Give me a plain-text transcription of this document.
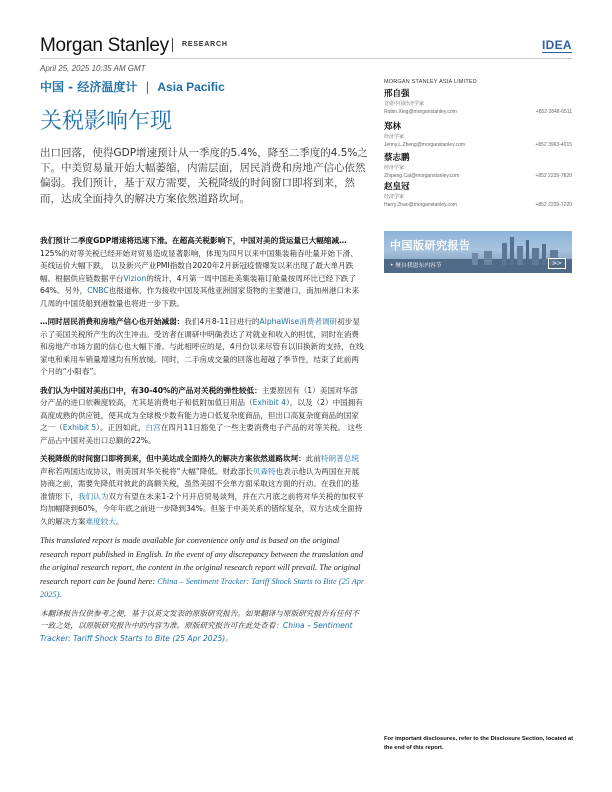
Morgan Stanley RESEARCH	IDEA
April 25, 2025 10:35 AM GMT
中国 - 经济温度计 | Asia Pacific
关税影响乍现
出口回落，使得GDP增速预计从一季度的5.4%，降至二季度的4.5%之下。中美贸易量开始大幅萎缩，内需层面，居民消费和房地产信心依然偏弱。我们预计，基于双方需要，关税降级的时间窗口即将到来，然而，达成全面持久的解决方案依然道路坎坷。

我们预计二季度GDP增速将迅速下滑。在超高关税影响下，中国对美的货运量已大幅缩减…125%的对等关税已经开始对贸易造成显著影响，体现为四月以来中国集装箱吞吐量开始下滑、美线运价大幅下跌， 以及新兴产业PMI指数自2020年2月新冠疫情爆发以来出现了最大单月跌幅。根据供应链数据平台Vizion的统计，4月第一周中国赴美集装箱订舱量按周环比已经下跌了64%。另外，CNBC也报道称，作为接收中国及其他亚洲国家货物的主要港口，南加州港口未来几周的中国货船到港数量也将进一步下跌。

…同时居民消费和房地产信心也开始减弱：我们4月8-11日进行的AlphaWise消费者调研初步显示了美国关税所产生的次生冲击。受访者在调研中明确表达了对就业和收入的担忧，同时在消费和房地产市场方面的信心也大幅下滑。与此相呼应的是，4月份以来尽管有以旧换新的支持，在线家电和乘用车销量增速均有所放缓。同时，二手房成交量的回落也超越了季节性，结束了此前两个月的“小阳春”。

我们认为中国对美出口中，有30-40%的产品对关税的弹性较低：主要原因有（1）美国对华部分产品的进口依赖度较高，尤其是消费电子和低附加值日用品（Exhibit 4），以及（2）中国拥有高度成熟的供应链，使其成为全球极少数有能力进口低复杂度商品，但出口高复杂度商品的国家之一（Exhibit 5）。正因如此，白宫在四月11日豁免了一些主要消费电子产品的对等关税。 这些产品占中国对美出口总额的22%。

关税降级的时间窗口即将到来，但中美达成全面持久的解决方案依然道路坎坷：此前特朗普总统声称若两国达成协议，则美国对华关税将“大幅”降低。财政部长贝森特也表示他认为两国在开展协商之前，需要先降低对彼此的高额关税，虽然美国不会单方面采取这方面的行动。在我们的基准情形下，我们认为双方有望在未来1-2个月开启贸易谈判，并在六月底之前将对华关税的加权平均加幅降到60%，今年年底之前进一步降到34%。但鉴于中美关系的错综复杂，双方达成全面持久的解决方案难度较大。

This translated report is made available for convenience only and is based on the original research report published in English. In the event of any discrepancy between the translation and the original research report, the content in the original research report will prevail. The original research report can be found here: China – Sentiment Tracker: Tariff Shock Starts to Bite (25 Apr 2025).

本翻译报告仅供参考之便，基于以英文发表的原版研究报告。如果翻译与原版研究报告有任何不一致之处，以原版研究报告中的内容为准。原版研究报告可在此处查看：China – Sentiment Tracker: Tariff Shock Starts to Bite (25 Apr 2025)。

MORGAN STANLEY ASIA LIMITED
邢自强
首席中国经济学家
Robin.Xing@morganstanley.com	+852 2848-6511
郑林
经济学家
Jenny.L.Zheng@morganstanley.com	+852 3963-4015
蔡志鹏
经济学家
Zhipeng.Cai@morganstanley.com	+852 2239-7820
赵皇冠
经济学家
Harry.Zhao@morganstanley.com	+852 2239-7220
中国版研究报告
• 聚自我恩东内容节	>>
For important disclosures, refer to the Disclosure Section, located at the end of this report.
